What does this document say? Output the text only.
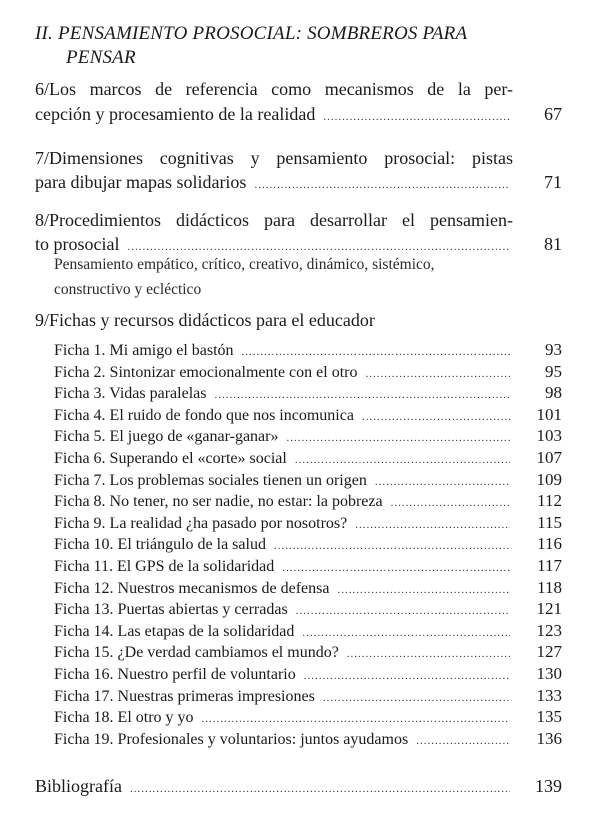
II. PENSAMIENTO PROSOCIAL: SOMBREROS PARA
PENSAR
6/Los marcos de referencia como mecanismos de la per-
cepción y procesamiento de la realidad .....	67
7/Dimensiones cognitivas y pensamiento prosocial: pistas
para dibujar mapas solidarios .....	71
8/Procedimientos didácticos para desarrollar el pensamien-
to prosocial .....	81
Pensamiento empático, crítico, creativo, dinámico, sistémico, constructivo y ecléctico
9/Fichas y recursos didácticos para el educador
Ficha 1. Mi amigo el bastón .....	93
Ficha 2. Sintonizar emocionalmente con el otro .....	95
Ficha 3. Vidas paralelas .....	98
Ficha 4. El ruido de fondo que nos incomunica .....	101
Ficha 5. El juego de «ganar-ganar» .....	103
Ficha 6. Superando el «corte» social .....	107
Ficha 7. Los problemas sociales tienen un origen .....	109
Ficha 8. No tener, no ser nadie, no estar: la pobreza .....	112
Ficha 9. La realidad ¿ha pasado por nosotros? .....	115
Ficha 10. El triángulo de la salud .....	116
Ficha 11. El GPS de la solidaridad .....	117
Ficha 12. Nuestros mecanismos de defensa .....	118
Ficha 13. Puertas abiertas y cerradas .....	121
Ficha 14. Las etapas de la solidaridad .....	123
Ficha 15. ¿De verdad cambiamos el mundo? .....	127
Ficha 16. Nuestro perfil de voluntario .....	130
Ficha 17. Nuestras primeras impresiones .....	133
Ficha 18. El otro y yo .....	135
Ficha 19. Profesionales y voluntarios: juntos ayudamos .....	136
Bibliografía .....	139
